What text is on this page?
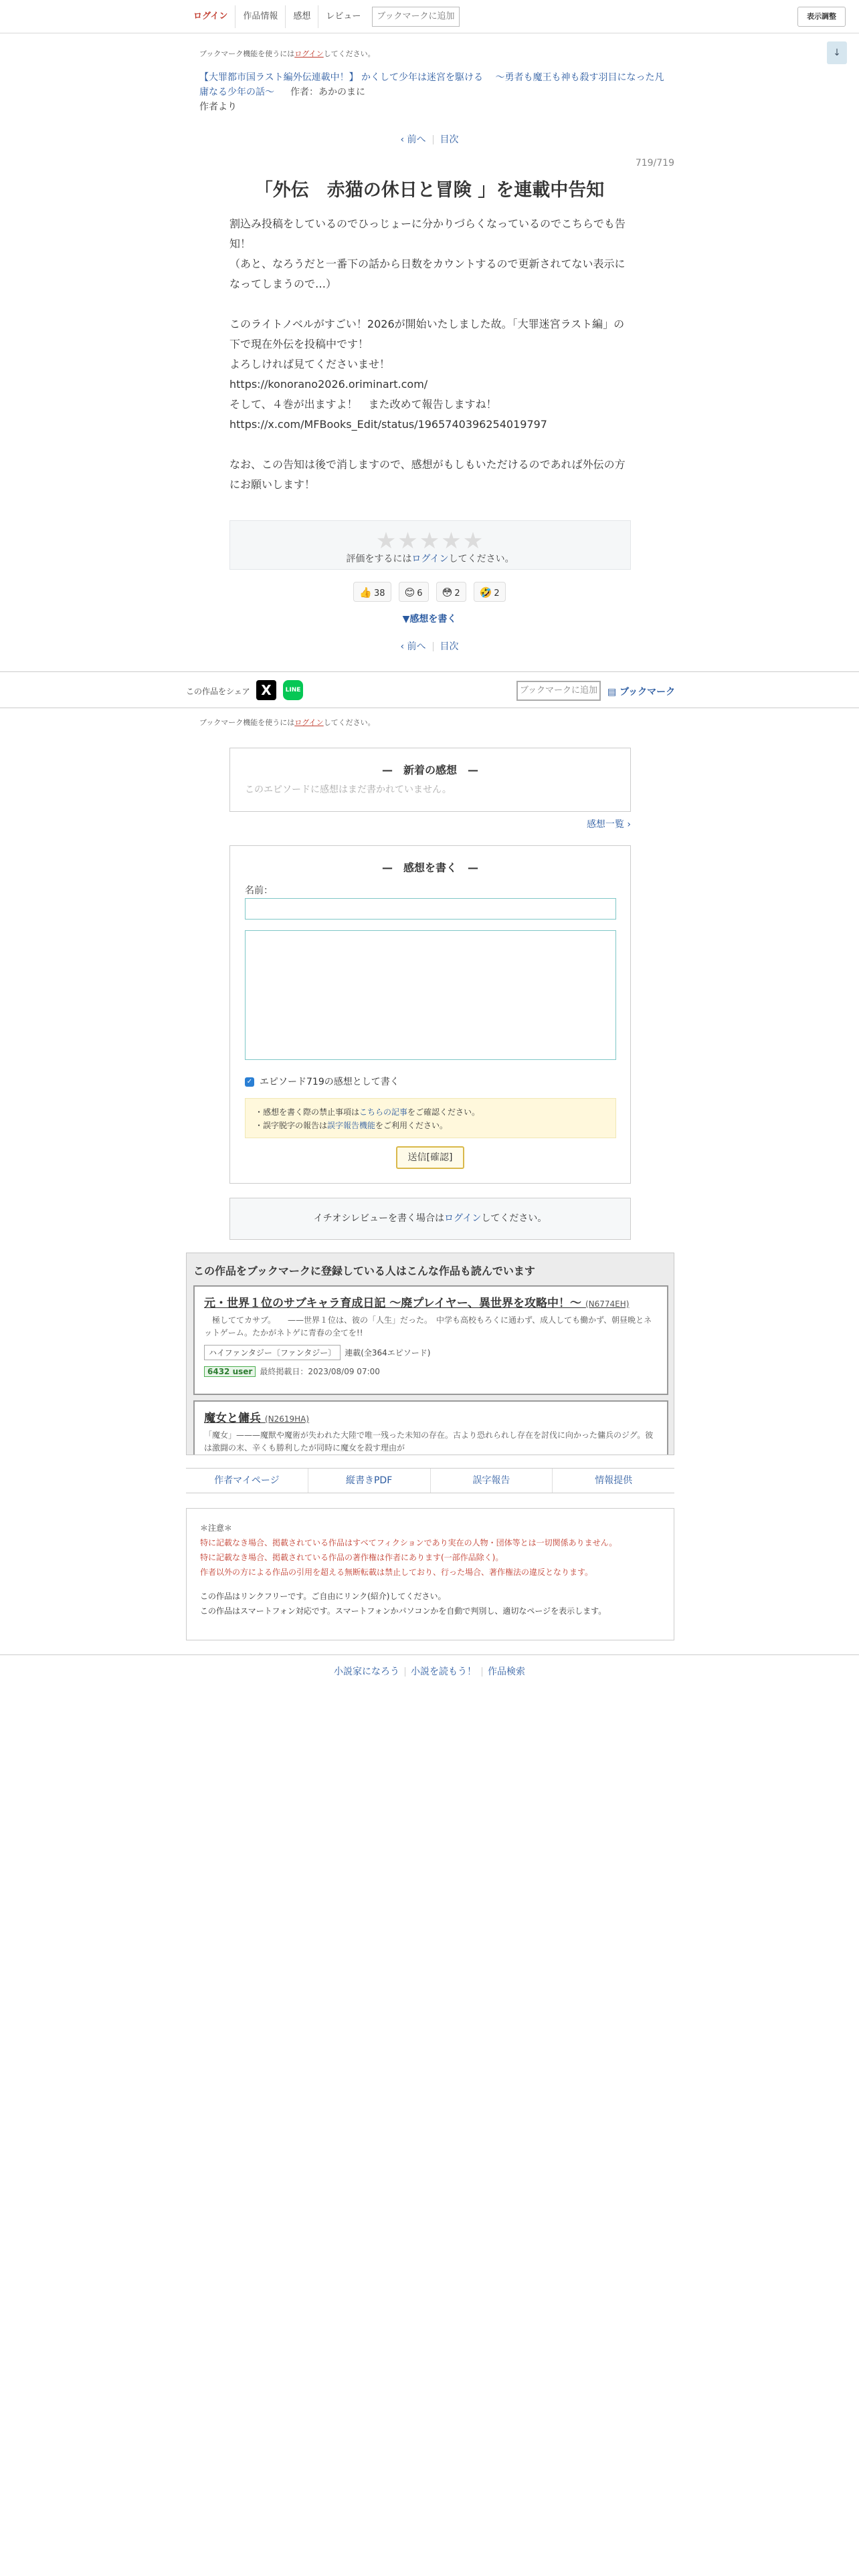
ログイン	作品情報	感想	レビュー	ブックマークに追加	表示調整
↓
ブックマーク機能を使うにはログインしてください。
【大罪都市国ラスト編外伝連載中！】 かくして少年は迷宮を駆ける 　〜勇者も魔王も神も殺す羽目になった凡庸なる少年の話〜 作者：あかのまに
作者より
‹ 前へ 目次
719/719
「外伝　赤猫の休日と冒険 」を連載中告知

割込み投稿をしているのでひっじょーに分かりづらくなっているのでこちらでも告知！

（あと、なろうだと一番下の話から日数をカウントするので更新されてない表示になってしまうので…）

このライトノベルがすごい！2026が開始いたしました故。「大罪迷宮ラスト編」の下で現在外伝を投稿中です！

よろしければ見てくださいませ！

https://konorano2026.oriminart.com/

そして、４巻が出ますよ！　また改めて報告しますね！

https://x.com/MFBooks_Edit/status/1965740396254019797

なお、この告知は後で消しますので、感想がもしもいただけるのであれば外伝の方にお願いします！

★★★★★
評価をするにはログインしてください。
👍 38 😊 6 😳 2 🤣 2
▼感想を書く
‹ 前へ 目次
この作品をシェア X	LINE	ブックマークに追加	▤ ブックマーク
ブックマーク機能を使うにはログインしてください。
—　新着の感想　—
このエピソードに感想はまだ書かれていません。
感想一覧 ›
—　感想を書く　—
名前：
✓ エピソード719の感想として書く
・感想を書く際の禁止事項はこちらの記事をご確認ください。
・誤字脱字の報告は誤字報告機能をご利用ください。
送信[確認]
イチオシレビューを書く場合はログインしてください。
この作品をブックマークに登録している人はこんな作品も読んでいます
元・世界１位のサブキャラ育成日記 〜廃プレイヤー、異世界を攻略中！〜 (N6774EH)
　極しててカサブ。　　——世界１位は、彼の「人生」だった。　中学も高校もろくに通わず、成人しても働かず、朝昼晩とネットゲーム。たかがネトゲに青春の全てを!!
ハイファンタジー〔ファンタジー〕 連載(全364エピソード)
6432 user 最終掲載日：2023/08/09 07:00
魔女と傭兵 (N2619HA)
「魔女」———魔獣や魔術が失われた大陸で唯一残った未知の存在。古より恐れられし存在を討伐に向かった傭兵のジグ。彼は激闘の末、辛くも勝利したが同時に魔女を殺す理由が
作者マイページ	縦書きPDF	誤字報告	情報提供
＊注意＊
特に記載なき場合、掲載されている作品はすべてフィクションであり実在の人物・団体等とは一切関係ありません。
特に記載なき場合、掲載されている作品の著作権は作者にあります(一部作品除く)。
作者以外の方による作品の引用を超える無断転載は禁止しており、行った場合、著作権法の違反となります。
この作品はリンクフリーです。ご自由にリンク(紹介)してください。
この作品はスマートフォン対応です。スマートフォンかパソコンかを自動で判別し、適切なページを表示します。
小説家になろう 小説を読もう！ 作品検索
